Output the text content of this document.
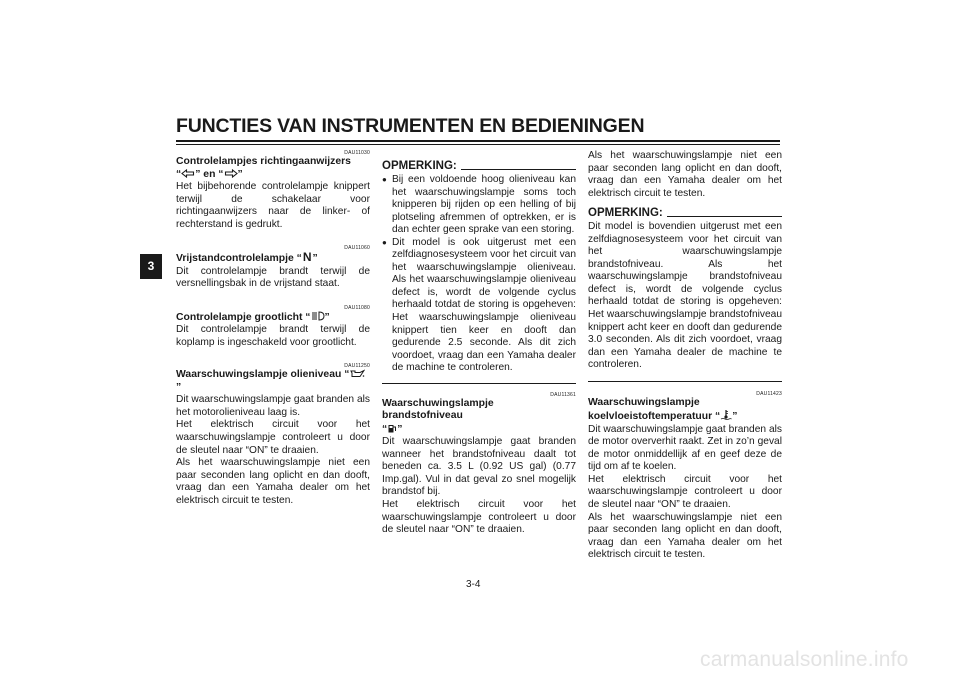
FUNCTIES VAN INSTRUMENTEN EN BEDIENINGEN
3
DAU11030
Controlelampjes richtingaanwijzers
“ ” en “ ”

Het bijbehorende controlelampje knippert terwijl de schakelaar voor richtingaanwijzers naar de linker- of rechterstand is gedrukt.

DAU11060
Vrijstandcontrolelampje “N”

Dit controlelampje brandt terwijl de versnellingsbak in de vrijstand staat.

DAU11080
Controlelampje grootlicht “ ”

Dit controlelampje brandt terwijl de koplamp is ingeschakeld voor grootlicht.

DAU11250
Waarschuwingslampje olieniveau “”

Dit waarschuwingslampje gaat branden als het motorolieniveau laag is.

Het elektrisch circuit voor het waarschuwingslampje controleert u door de sleutel naar “ON” te draaien.

Als het waarschuwingslampje niet een paar seconden lang oplicht en dan dooft, vraag dan een Yamaha dealer om het elektrisch circuit te testen.

OPMERKING:
● Bij een voldoende hoog olieniveau kan het waarschuwingslampje soms toch knipperen bij rijden op een helling of bij plotseling afremmen of optrekken, er is dan echter geen sprake van een storing.

● Dit model is ook uitgerust met een zelfdiagnosesysteem voor het circuit van het waarschuwingslampje olieniveau. Als het waarschuwingslampje olieniveau defect is, wordt de volgende cyclus herhaald totdat de storing is opgeheven: Het waarschuwingslampje olieniveau knippert tien keer en dooft dan gedurende 2.5 seconde. Als dit zich voordoet, vraag dan een Yamaha dealer de machine te controleren.

DAU11361
Waarschuwingslampje brandstofniveau
“ ”

Dit waarschuwingslampje gaat branden wanneer het brandstofniveau daalt tot beneden ca. 3.5 L (0.92 US gal) (0.77 Imp.gal). Vul in dat geval zo snel mogelijk brandstof bij.

Het elektrisch circuit voor het waarschuwingslampje controleert u door de sleutel naar “ON” te draaien.

Als het waarschuwingslampje niet een paar seconden lang oplicht en dan dooft, vraag dan een Yamaha dealer om het elektrisch circuit te testen.

OPMERKING:

Dit model is bovendien uitgerust met een zelfdiagnosesysteem voor het circuit van het waarschuwingslampje brandstofniveau. Als het waarschuwingslampje brandstofniveau defect is, wordt de volgende cyclus herhaald totdat de storing is opgeheven: Het waarschuwingslampje brandstofniveau knippert acht keer en dooft dan gedurende 3.0 seconden. Als dit zich voordoet, vraag dan een Yamaha dealer de machine te controleren.

DAU11423
Waarschuwingslampje koelvloeistoftemperatuur “ ”

Dit waarschuwingslampje gaat branden als de motor oververhit raakt. Zet in zo’n geval de motor onmiddellijk af en geef deze de tijd om af te koelen.

Het elektrisch circuit voor het waarschuwingslampje controleert u door de sleutel naar “ON” te draaien.

Als het waarschuwingslampje niet een paar seconden lang oplicht en dan dooft, vraag dan een Yamaha dealer om het elektrisch circuit te testen.

3-4
carmanualsonline.info
